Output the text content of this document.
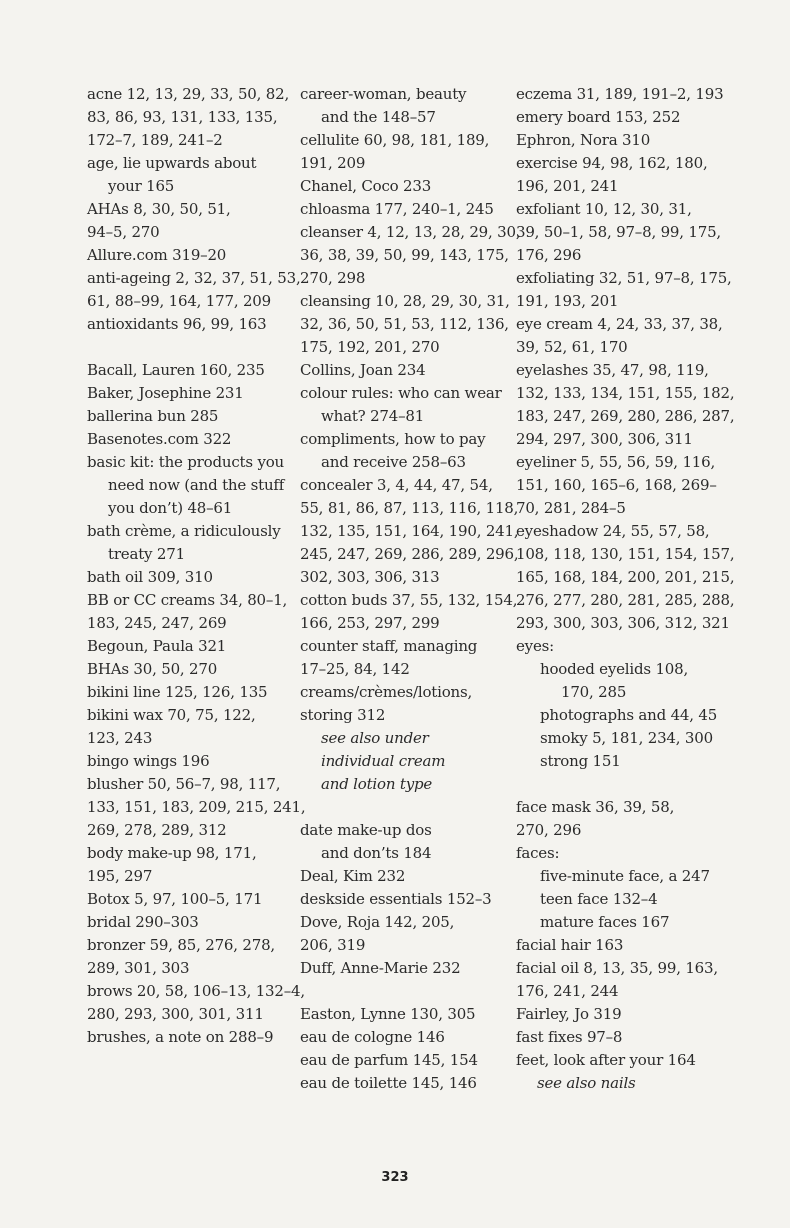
acne 12, 13, 29, 33, 50, 82,
83, 86, 93, 131, 133, 135,
172–7, 189, 241–2
age, lie upwards about
your 165
AHAs 8, 30, 50, 51,
94–5, 270
Allure.com 319–20
anti-ageing 2, 32, 37, 51, 53,
61, 88–99, 164, 177, 209
antioxidants 96, 99, 163
Bacall, Lauren 160, 235
Baker, Josephine 231
ballerina bun 285
Basenotes.com 322
basic kit: the products you
need now (and the stuff
you don’t) 48–61
bath crème, a ridiculously
treaty 271
bath oil 309, 310
BB or CC creams 34, 80–1,
183, 245, 247, 269
Begoun, Paula 321
BHAs 30, 50, 270
bikini line 125, 126, 135
bikini wax 70, 75, 122,
123, 243
bingo wings 196
blusher 50, 56–7, 98, 117,
133, 151, 183, 209, 215, 241,
269, 278, 289, 312
body make-up 98, 171,
195, 297
Botox 5, 97, 100–5, 171
bridal 290–303
bronzer 59, 85, 276, 278,
289, 301, 303
brows 20, 58, 106–13, 132–4,
280, 293, 300, 301, 311
brushes, a note on 288–9
career-woman, beauty
and the 148–57
cellulite 60, 98, 181, 189,
191, 209
Chanel, Coco 233
chloasma 177, 240–1, 245
cleanser 4, 12, 13, 28, 29, 30,
36, 38, 39, 50, 99, 143, 175,
270, 298
cleansing 10, 28, 29, 30, 31,
32, 36, 50, 51, 53, 112, 136,
175, 192, 201, 270
Collins, Joan 234
colour rules: who can wear
what? 274–81
compliments, how to pay
and receive 258–63
concealer 3, 4, 44, 47, 54,
55, 81, 86, 87, 113, 116, 118,
132, 135, 151, 164, 190, 241,
245, 247, 269, 286, 289, 296,
302, 303, 306, 313
cotton buds 37, 55, 132, 154,
166, 253, 297, 299
counter staff, managing
17–25, 84, 142
creams/crèmes/lotions,
storing 312
see also under
individual cream
and lotion type
date make-up dos
and don’ts 184
Deal, Kim 232
deskside essentials 152–3
Dove, Roja 142, 205,
206, 319
Duff, Anne-Marie 232
Easton, Lynne 130, 305
eau de cologne 146
eau de parfum 145, 154
eau de toilette 145, 146
eczema 31, 189, 191–2, 193
emery board 153, 252
Ephron, Nora 310
exercise 94, 98, 162, 180,
196, 201, 241
exfoliant 10, 12, 30, 31,
39, 50–1, 58, 97–8, 99, 175,
176, 296
exfoliating 32, 51, 97–8, 175,
191, 193, 201
eye cream 4, 24, 33, 37, 38,
39, 52, 61, 170
eyelashes 35, 47, 98, 119,
132, 133, 134, 151, 155, 182,
183, 247, 269, 280, 286, 287,
294, 297, 300, 306, 311
eyeliner 5, 55, 56, 59, 116,
151, 160, 165–6, 168, 269–
70, 281, 284–5
eyeshadow 24, 55, 57, 58,
108, 118, 130, 151, 154, 157,
165, 168, 184, 200, 201, 215,
276, 277, 280, 281, 285, 288,
293, 300, 303, 306, 312, 321
eyes:
hooded eyelids 108,
170, 285
photographs and 44, 45
smoky 5, 181, 234, 300
strong 151
face mask 36, 39, 58,
270, 296
faces:
five-minute face, a 247
teen face 132–4
mature faces 167
facial hair 163
facial oil 8, 13, 35, 99, 163,
176, 241, 244
Fairley, Jo 319
fast fixes 97–8
feet, look after your 164
see also nails
323
